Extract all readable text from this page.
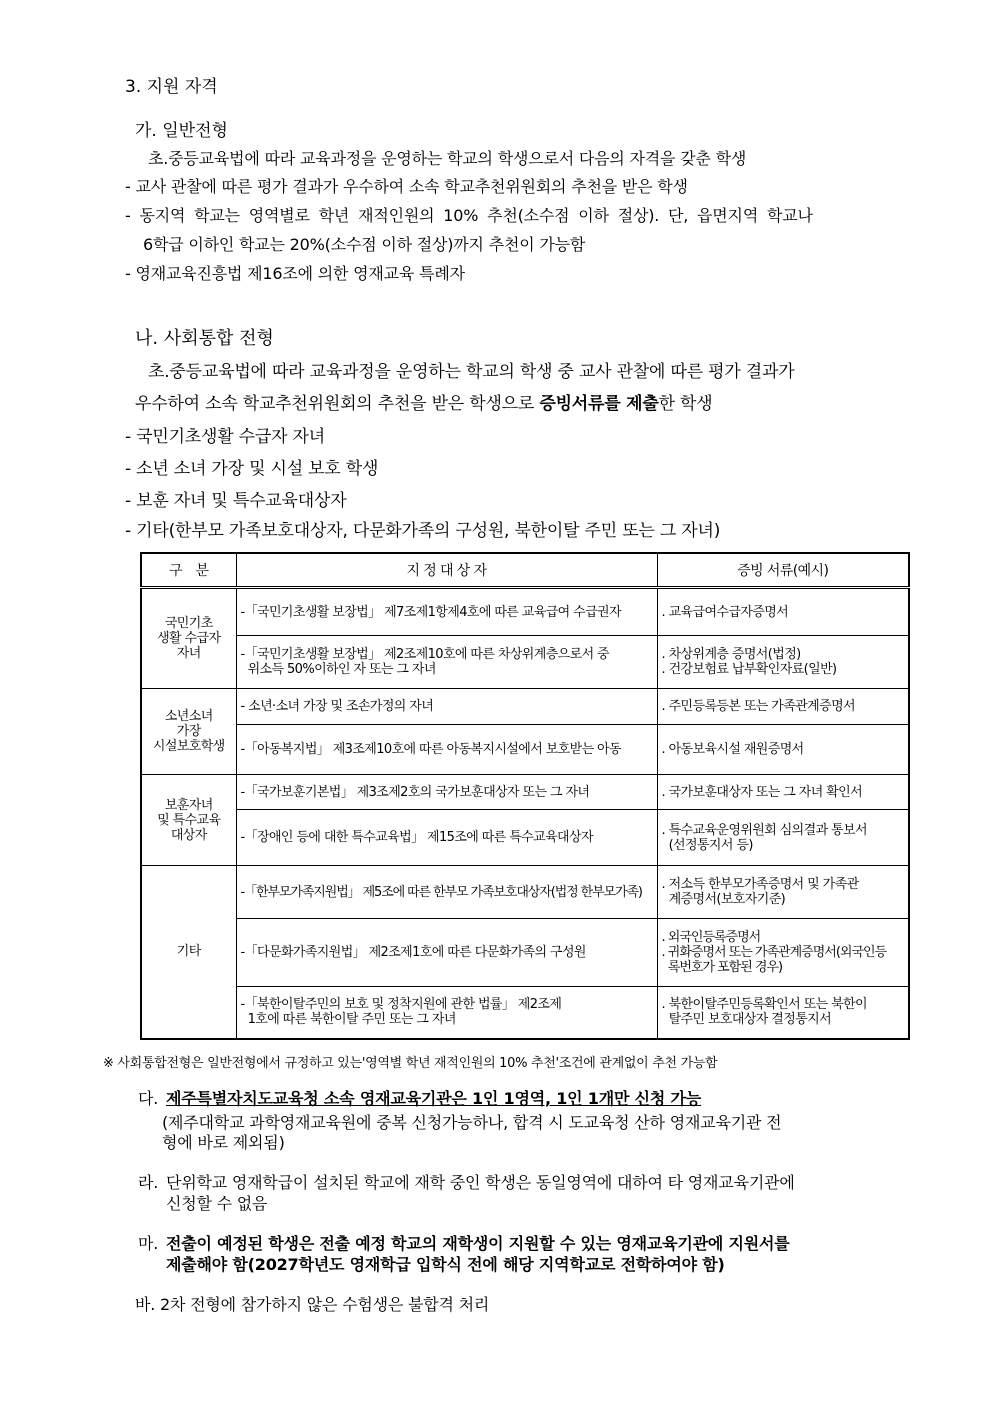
3. 지원 자격
가. 일반전형
초.중등교육법에 따라 교육과정을 운영하는 학교의 학생으로서 다음의 자격을 갖춘 학생
- 교사 관찰에 따른 평가 결과가 우수하여 소속 학교추천위원회의 추천을 받은 학생
- 동지역 학교는 영역별로 학년 재적인원의 10% 추천(소수점 이하 절상). 단, 읍면지역 학교나
6학급 이하인 학교는 20%(소수점 이하 절상)까지 추천이 가능함
- 영재교육진흥법 제16조에 의한 영재교육 특례자
나. 사회통합 전형
초.중등교육법에 따라 교육과정을 운영하는 학교의 학생 중 교사 관찰에 따른 평가 결과가
우수하여 소속 학교추천위원회의 추천을 받은 학생으로 증빙서류를 제출한 학생
- 국민기초생활 수급자 자녀
- 소년 소녀 가장 및 시설 보호 학생
- 보훈 자녀 및 특수교육대상자
- 기타(한부모 가족보호대상자, 다문화가족의 구성원, 북한이탈 주민 또는 그 자녀)
구　분	지 정 대 상 자	증빙 서류(예시)
국민기초
생활 수급자
자녀	-「국민기초생활 보장법」 제7조제1항제4호에 따른 교육급여 수급권자	. 교육급여수급자증명서
	-「국민기초생활 보장법」 제2조제10호에 따른 차상위계층으로서 중
위소득 50%이하인 자 또는 그 자녀	. 차상위계층 증명서(법정)
. 건강보험료 납부확인자료(일반)
소년소녀
가장
시설보호학생	- 소년·소녀 가장 및 조손가정의 자녀	. 주민등록등본 또는 가족관계증명서
	-「아동복지법」 제3조제10호에 따른 아동복지시설에서 보호받는 아동	. 아동보육시설 재원증명서
보훈자녀
및 특수교육
대상자	-「국가보훈기본법」 제3조제2호의 국가보훈대상자 또는 그 자녀	. 국가보훈대상자 또는 그 자녀 확인서
	-「장애인 등에 대한 특수교육법」 제15조에 따른 특수교육대상자	. 특수교육운영위원회 심의결과 통보서
(선정통지서 등)
기타	-「한부모가족지원법」 제5조에 따른 한부모 가족보호대상자(법정 한부모가족)	. 저소득 한부모가족증명서 및 가족관
계증명서(보호자기준)
	-「다문화가족지원법」 제2조제1호에 따른 다문화가족의 구성원	. 외국인등록증명서
. 귀화증명서 또는 가족관계증명서(외국인등
록번호가 포함된 경우)
	-「북한이탈주민의 보호 및 정착지원에 관한 법률」 제2조제
1호에 따른 북한이탈 주민 또는 그 자녀	. 북한이탈주민등록확인서 또는 북한이
탈주민 보호대상자 결정통지서
※ 사회통합전형은 일반전형에서 규정하고 있는'영역별 학년 재적인원의 10% 추천'조건에 관계없이 추천 가능함
다. 제주특별자치도교육청 소속 영재교육기관은 1인 1영역, 1인 1개만 신청 가능
(제주대학교 과학영재교육원에 중복 신청가능하나, 합격 시 도교육청 산하 영재교육기관 전
형에 바로 제외됨)
라. 단위학교 영재학급이 설치된 학교에 재학 중인 학생은 동일영역에 대하여 타 영재교육기관에
신청할 수 없음
마. 전출이 예정된 학생은 전출 예정 학교의 재학생이 지원할 수 있는 영재교육기관에 지원서를
제출해야 함(2027학년도 영재학급 입학식 전에 해당 지역학교로 전학하여야 함)
바. 2차 전형에 참가하지 않은 수험생은 불합격 처리
